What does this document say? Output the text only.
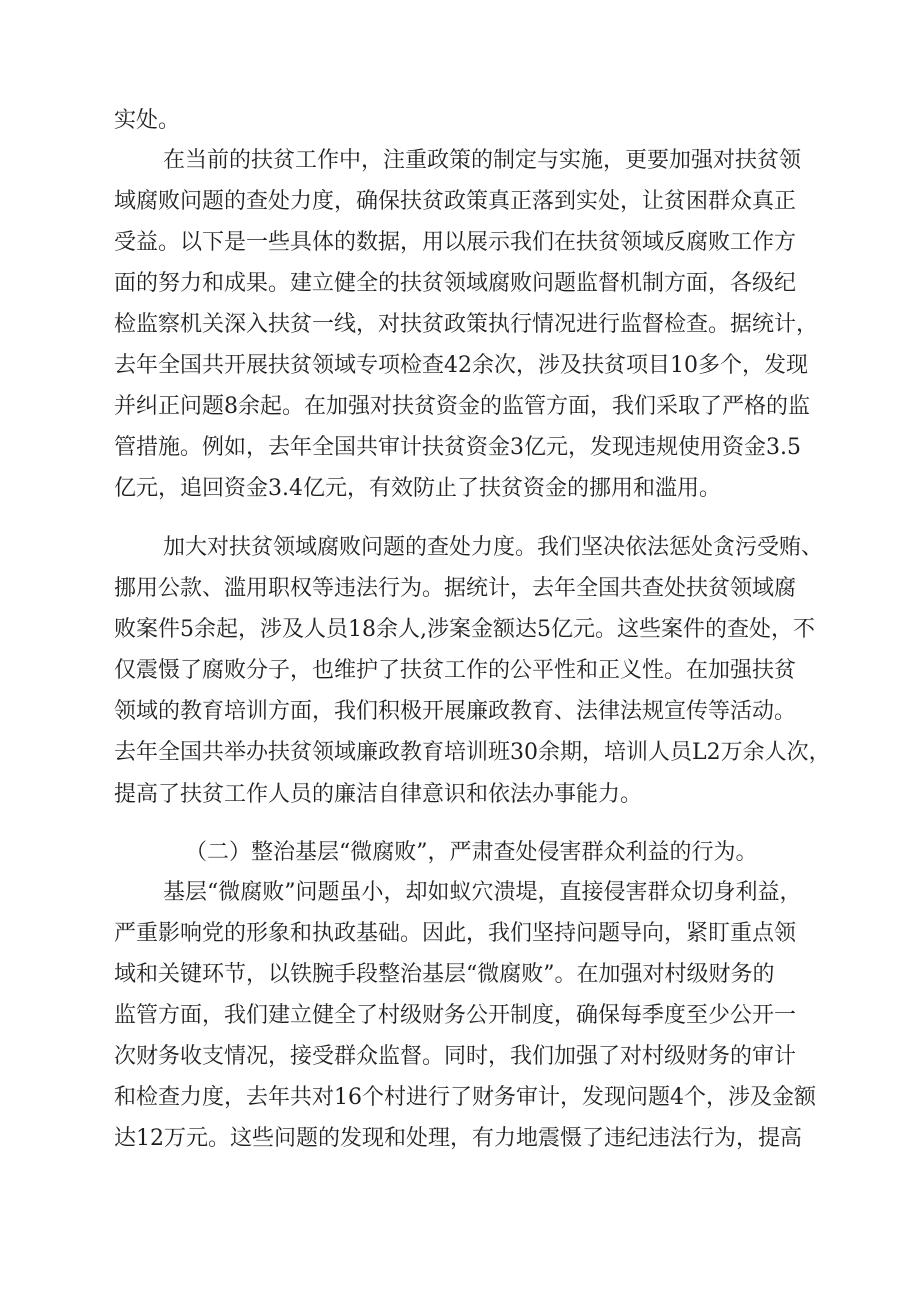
实处。

在当前的扶贫工作中，注重政策的制定与实施，更要加强对扶贫领

域腐败问题的查处力度，确保扶贫政策真正落到实处，让贫困群众真正

受益。以下是一些具体的数据，用以展示我们在扶贫领域反腐败工作方

面的努力和成果。建立健全的扶贫领域腐败问题监督机制方面，各级纪

检监察机关深入扶贫一线，对扶贫政策执行情况进行监督检查。据统计，

去年全国共开展扶贫领域专项检查42余次，涉及扶贫项目10多个，发现

并纠正问题8余起。在加强对扶贫资金的监管方面，我们采取了严格的监

管措施。例如，去年全国共审计扶贫资金3亿元，发现违规使用资金3.5

亿元，追回资金3.4亿元，有效防止了扶贫资金的挪用和滥用。

加大对扶贫领域腐败问题的查处力度。我们坚决依法惩处贪污受贿、

挪用公款、滥用职权等违法行为。据统计，去年全国共查处扶贫领域腐

败案件5余起，涉及人员18余人,涉案金额达5亿元。这些案件的查处，不

仅震慑了腐败分子，也维护了扶贫工作的公平性和正义性。在加强扶贫

领域的教育培训方面，我们积极开展廉政教育、法律法规宣传等活动。

去年全国共举办扶贫领域廉政教育培训班30余期，培训人员L2万余人次，

提高了扶贫工作人员的廉洁自律意识和依法办事能力。

（二）整治基层“微腐败”，严肃查处侵害群众利益的行为。

基层“微腐败”问题虽小，却如蚁穴溃堤，直接侵害群众切身利益，

严重影响党的形象和执政基础。因此，我们坚持问题导向，紧盯重点领

域和关键环节，以铁腕手段整治基层“微腐败”。在加强对村级财务的

监管方面，我们建立健全了村级财务公开制度，确保每季度至少公开一

次财务收支情况，接受群众监督。同时，我们加强了对村级财务的审计

和检查力度，去年共对16个村进行了财务审计，发现问题4个，涉及金额

达12万元。这些问题的发现和处理，有力地震慑了违纪违法行为，提高
